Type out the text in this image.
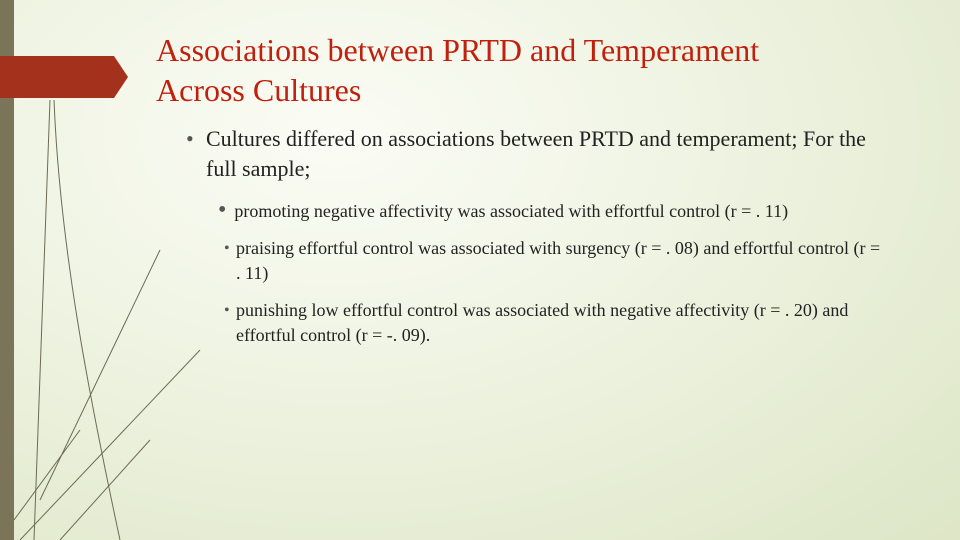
Associations between PRTD and Temperament
Across Cultures
• Cultures differed on associations between PRTD and temperament; For the full sample;
• promoting negative affectivity was associated with effortful control (r = . 11)
• praising effortful control was associated with surgency (r = . 08) and effortful control (r = . 11)
• punishing low effortful control was associated with negative affectivity (r = . 20) and effortful control (r = -. 09).
